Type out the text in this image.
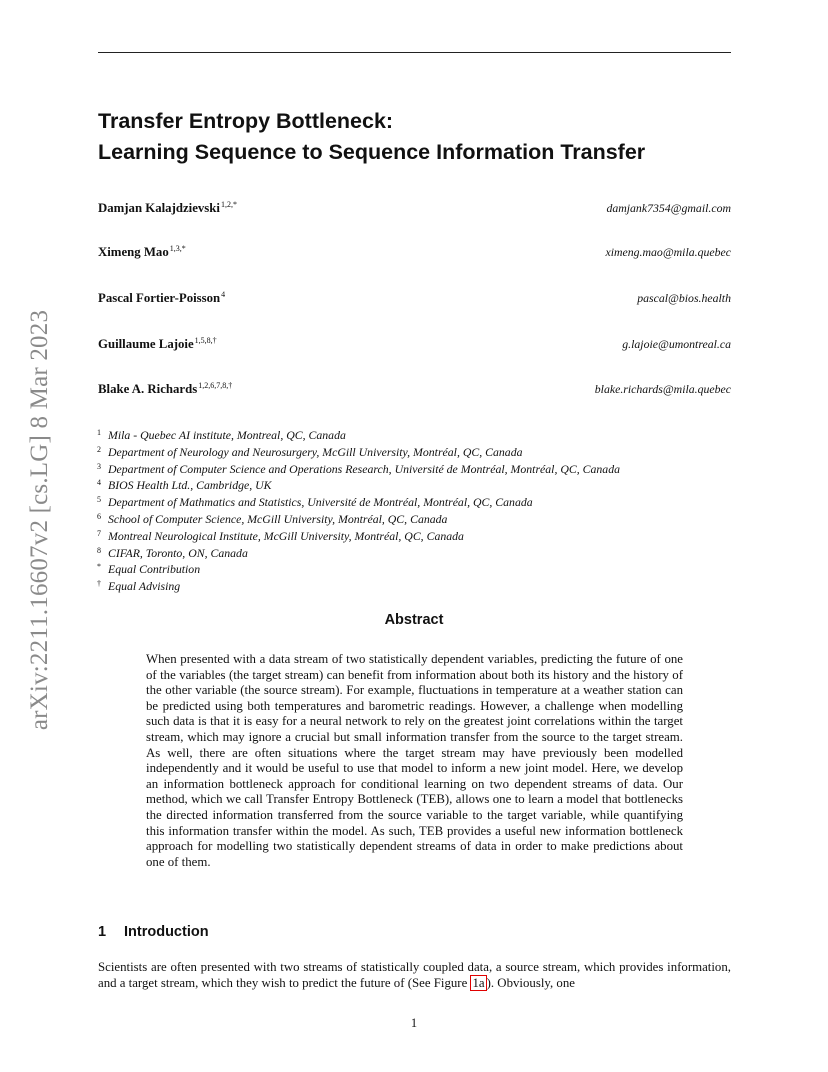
arXiv:2211.16607v2 [cs.LG] 8 Mar 2023
Transfer Entropy Bottleneck:
Learning Sequence to Sequence Information Transfer
Damjan Kalajdzievski$^{1,2,*}$	damjank7354@gmail.com
Ximeng Mao$^{1,3,*}$	ximeng.mao@mila.quebec
Pascal Fortier-Poisson$^4$	pascal@bios.health
Guillaume Lajoie$^{1,5,8,\dagger}$	g.lajoie@umontreal.ca
Blake A. Richards$^{1,2,6,7,8,\dagger}$	blake.richards@mila.quebec
1 Mila - Quebec AI institute, Montreal, QC, Canada
2 Department of Neurology and Neurosurgery, McGill University, Montréal, QC, Canada
3 Department of Computer Science and Operations Research, Université de Montréal, Montréal, QC, Canada
4 BIOS Health Ltd., Cambridge, UK
5 Department of Mathmatics and Statistics, Université de Montréal, Montréal, QC, Canada
6 School of Computer Science, McGill University, Montréal, QC, Canada
7 Montreal Neurological Institute, McGill University, Montréal, QC, Canada
8 CIFAR, Toronto, ON, Canada
* Equal Contribution
† Equal Advising
Abstract
When presented with a data stream of two statistically dependent variables, predicting the future of one of the variables (the target stream) can benefit from information about both its history and the history of the other variable (the source stream). For example, fluctuations in temperature at a weather station can be predicted using both temperatures and barometric readings. However, a challenge when modelling such data is that it is easy for a neural network to rely on the greatest joint correlations within the target stream, which may ignore a crucial but small information transfer from the source to the target stream. As well, there are often situations where the target stream may have previously been modelled independently and it would be useful to use that model to inform a new joint model. Here, we develop an information bottleneck approach for conditional learning on two dependent streams of data. Our method, which we call Transfer Entropy Bottleneck (TEB), allows one to learn a model that bottlenecks the directed information transferred from the source variable to the target variable, while quantifying this information transfer within the model. As such, TEB provides a useful new information bottleneck approach for modelling two statistically dependent streams of data in order to make predictions about one of them.
1 Introduction
Scientists are often presented with two streams of statistically coupled data, a source stream, which provides information, and a target stream, which they wish to predict the future of (See Figure 1a ). Obviously, one
1
